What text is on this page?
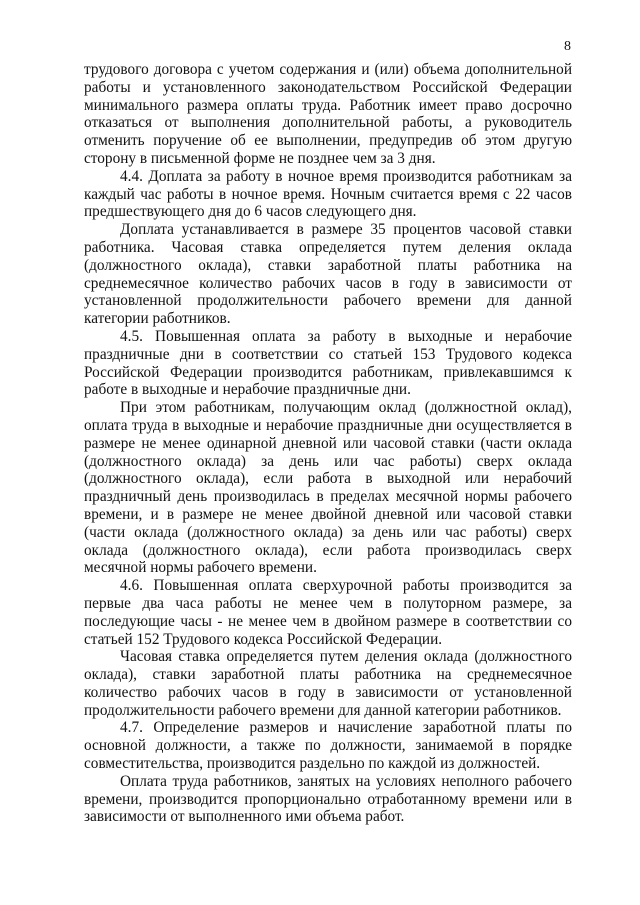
8

трудового договора с учетом содержания и (или) объема дополнительной работы и установленного законодательством Российской Федерации минимального размера оплаты труда. Работник имеет право досрочно отказаться от выполнения дополнительной работы, а руководитель отменить поручение об ее выполнении, предупредив об этом другую сторону в письменной форме не позднее чем за 3 дня.

4.4. Доплата за работу в ночное время производится работникам за каждый час работы в ночное время. Ночным считается время с 22 часов предшествующего дня до 6 часов следующего дня.

Доплата устанавливается в размере 35 процентов часовой ставки работника. Часовая ставка определяется путем деления оклада (должностного оклада), ставки заработной платы работника на среднемесячное количество рабочих часов в году в зависимости от установленной продолжительности рабочего времени для данной категории работников.

4.5. Повышенная оплата за работу в выходные и нерабочие праздничные дни в соответствии со статьей 153 Трудового кодекса Российской Федерации производится работникам, привлекавшимся к работе в выходные и нерабочие праздничные дни.

При этом работникам, получающим оклад (должностной оклад), оплата труда в выходные и нерабочие праздничные дни осуществляется в размере не менее одинарной дневной или часовой ставки (части оклада (должностного оклада) за день или час работы) сверх оклада (должностного оклада), если работа в выходной или нерабочий праздничный день производилась в пределах месячной нормы рабочего времени, и в размере не менее двойной дневной или часовой ставки (части оклада (должностного оклада) за день или час работы) сверх оклада (должностного оклада), если работа производилась сверх месячной нормы рабочего времени.

4.6. Повышенная оплата сверхурочной работы производится за первые два часа работы не менее чем в полуторном размере, за последующие часы - не менее чем в двойном размере в соответствии со статьей 152 Трудового кодекса Российской Федерации.

Часовая ставка определяется путем деления оклада (должностного оклада), ставки заработной платы работника на среднемесячное количество рабочих часов в году в зависимости от установленной продолжительности рабочего времени для данной категории работников.

4.7. Определение размеров и начисление заработной платы по основной должности, а также по должности, занимаемой в порядке совместительства, производится раздельно по каждой из должностей.

Оплата труда работников, занятых на условиях неполного рабочего времени, производится пропорционально отработанному времени или в зависимости от выполненного ими объема работ.
